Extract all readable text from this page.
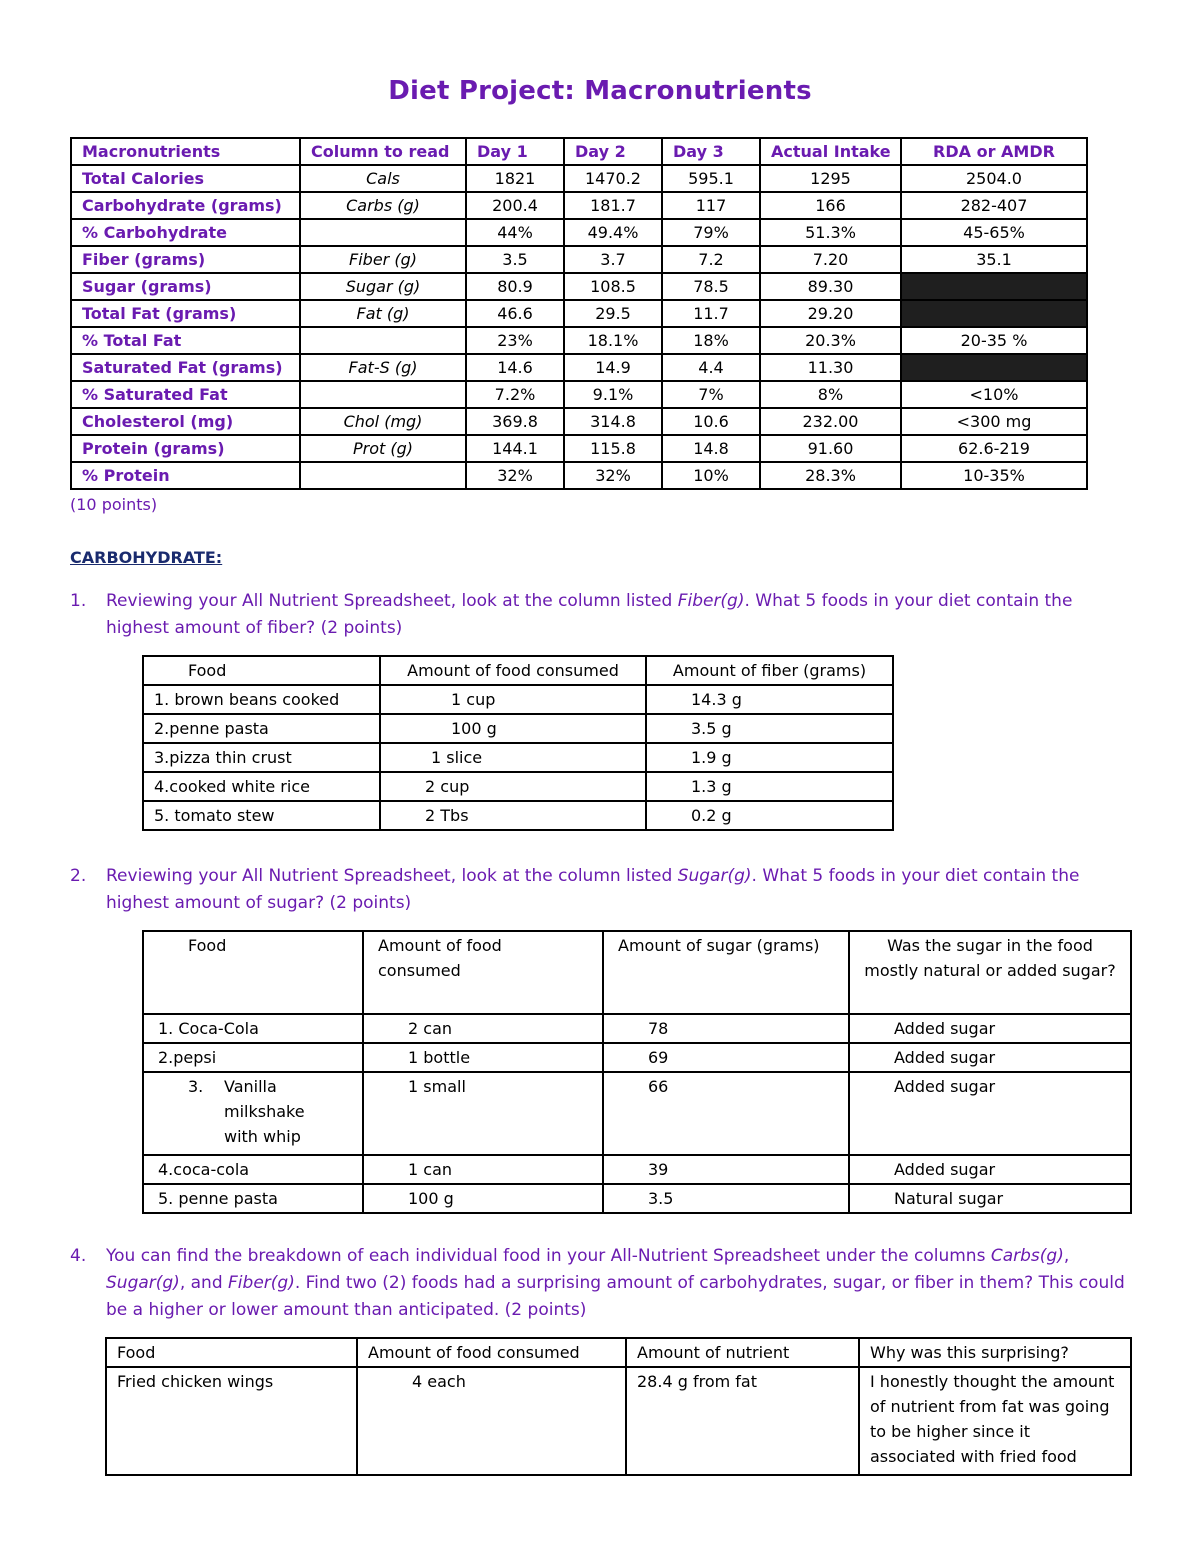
Diet Project: Macronutrients
Macronutrients	Column to read	Day 1	Day 2	Day 3	Actual Intake	RDA or AMDR
Total Calories	Cals	1821	1470.2	595.1	1295	2504.0
Carbohydrate (grams)	Carbs (g)	200.4	181.7	117	166	282-407
% Carbohydrate		44%	49.4%	79%	51.3%	45-65%
Fiber (grams)	Fiber (g)	3.5	3.7	7.2	7.20	35.1
Sugar (grams)	Sugar (g)	80.9	108.5	78.5	89.30	
Total Fat (grams)	Fat (g)	46.6	29.5	11.7	29.20	
% Total Fat		23%	18.1%	18%	20.3%	20-35 %
Saturated Fat (grams)	Fat-S (g)	14.6	14.9	4.4	11.30	
% Saturated Fat		7.2%	9.1%	7%	8%	<10%
Cholesterol (mg)	Chol (mg)	369.8	314.8	10.6	232.00	<300 mg
Protein (grams)	Prot (g)	144.1	115.8	14.8	91.60	62.6-219
% Protein		32%	32%	10%	28.3%	10-35%
(10 points)
CARBOHYDRATE:
1. Reviewing your All Nutrient Spreadsheet, look at the column listed Fiber(g). What 5 foods in your diet contain the highest amount of fiber? (2 points)
Food	Amount of food consumed	Amount of fiber (grams)
1. brown beans cooked	1 cup	14.3 g
2.penne pasta	100 g	3.5 g
3.pizza thin crust	1 slice	1.9 g
4.cooked white rice	2 cup	1.3 g
5. tomato stew	2 Tbs	0.2 g
2. Reviewing your All Nutrient Spreadsheet, look at the column listed Sugar(g). What 5 foods in your diet contain the highest amount of sugar? (2 points)
Food	Amount of food consumed	Amount of sugar (grams)	Was the sugar in the food mostly natural or added sugar?
1. Coca-Cola	2 can	78	Added sugar
2.pepsi	1 bottle	69	Added sugar
3. Vanilla milkshake with whip	1 small	66	Added sugar
4.coca-cola	1 can	39	Added sugar
5. penne pasta	100 g	3.5	Natural sugar
4. You can find the breakdown of each individual food in your All-Nutrient Spreadsheet under the columns Carbs(g), Sugar(g), and Fiber(g). Find two (2) foods had a surprising amount of carbohydrates, sugar, or fiber in them? This could be a higher or lower amount than anticipated. (2 points)
Food	Amount of food consumed	Amount of nutrient	Why was this surprising?
Fried chicken wings	4 each	28.4 g from fat	I honestly thought the amount of nutrient from fat was going to be higher since it associated with fried food
